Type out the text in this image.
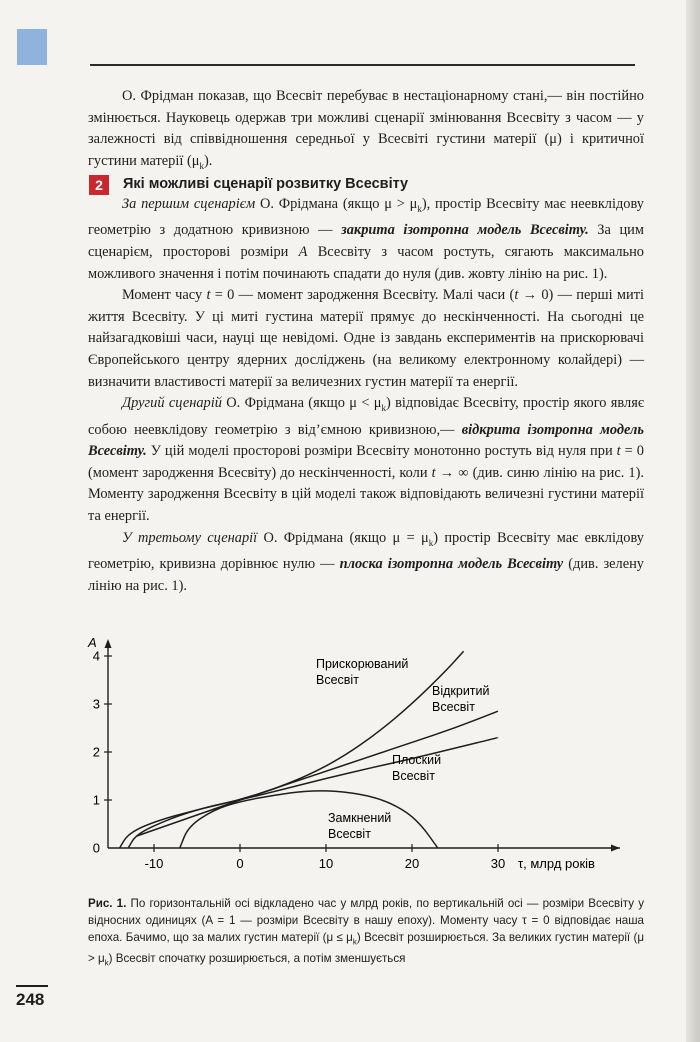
О. Фрідман показав, що Всесвіт перебуває в нестаціонарному стані,— він постійно змінюється. Науковець одержав три можливі сценарії змінювання Всесвіту з часом — у залежності від співвідношення середньої у Всесвіті густини матерії (μ) і критичної густини матерії $(\mu_k)$.

2	Які можливі сценарії розвитку Всесвіту

За першим сценарієм О. Фрідмана (якщо $\mu > \mu_k$), простір Всесвіту має неевклідову геометрію з додатною кривизною — закрита ізотропна модель Всесвіту. За цим сценарієм, просторові розміри A Всесвіту з часом ростуть, сягають максимально можливого значення і потім починають спадати до нуля (див. жовту лінію на рис. 1).

Момент часу t = 0 — момент зародження Всесвіту. Малі часи (t → 0) — перші миті життя Всесвіту. У ці миті густина матерії прямує до нескінченності. На сьогодні це найзагадковіші часи, науці ще невідомі. Одне із завдань експериментів на прискорювачі Європейського центру ядерних досліджень (на великому електронному колайдері) — визначити властивості матерії за величезних густин матерії та енергії.

Другий сценарій О. Фрідмана (якщо $\mu < \mu_k$) відповідає Всесвіту, простір якого являє собою неевклідову геометрію з від’ємною кривизною,— відкрита ізотропна модель Всесвіту. У цій моделі просторові розміри Всесвіту монотонно ростуть від нуля при t = 0 (момент зародження Всесвіту) до нескінченності, коли t → ∞ (див. синю лінію на рис. 1). Моменту зародження Всесвіту в цій моделі також відповідають величезні густини матерії та енергії.

У третьому сценарії О. Фрідмана (якщо $\mu = \mu_k$) простір Всесвіту має евклідову геометрію, кривизна дорівнює нулю — плоска ізотропна модель Всесвіту (див. зелену лінію на рис. 1).

0
1
2
3
4
-10	0	10	20	30
A
τ, млрд років
Прискорюваний
Всесвіт
Відкритий
Всесвіт
Плоский
Всесвіт
Замкнений
Всесвіт
Рис. 1. По горизонтальній осі відкладено час у млрд років, по вертикальній осі — розміри Всесвіту у відносних одиницях (A = 1 — розміри Всесвіту в нашу епоху). Моменту часу τ = 0 відповідає наша епоха. Бачимо, що за малих густин матерії $(\mu \le \mu_k)$ Всесвіт розширюється. За великих густин матерії $(\mu > \mu_k)$ Всесвіт спочатку розширюється, а потім зменшується
248
